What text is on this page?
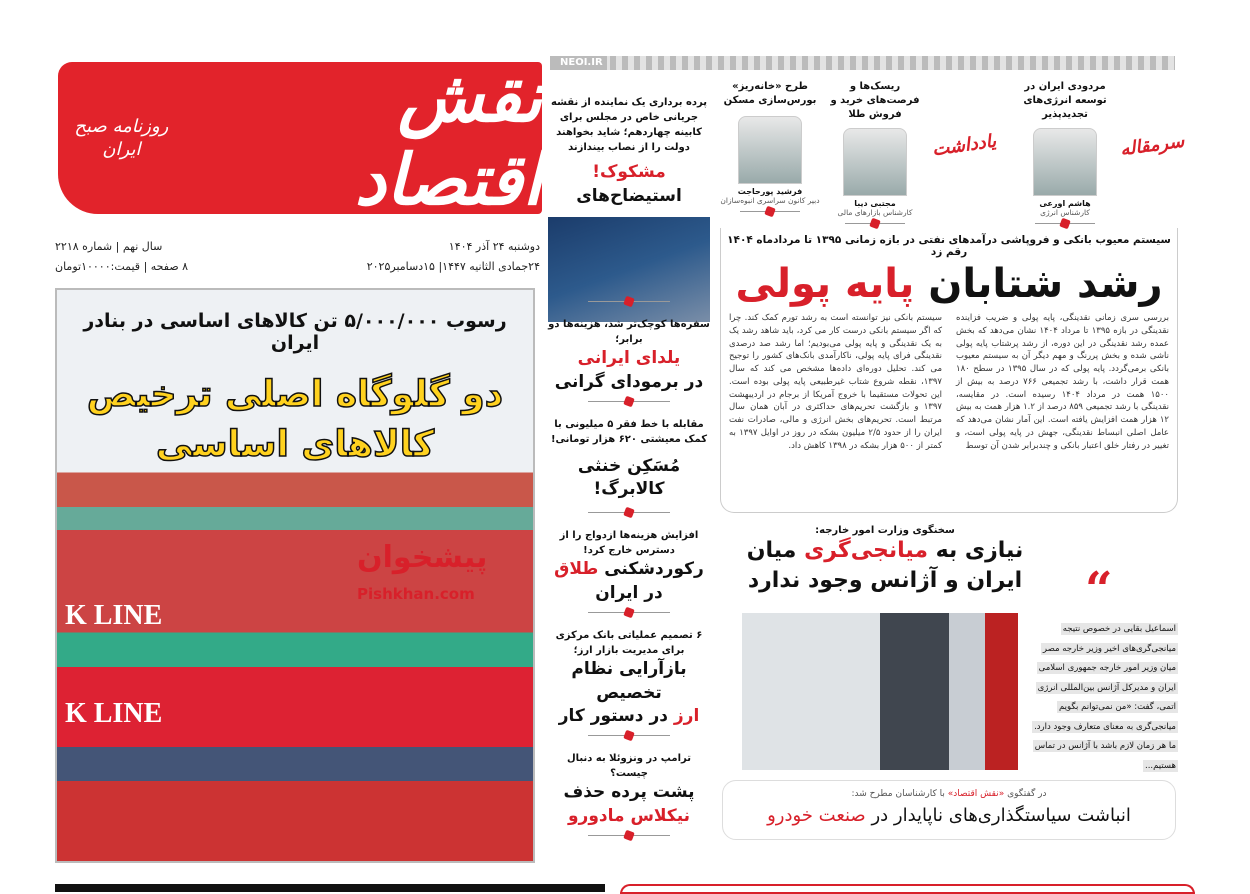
NEOI.IR
روزنامه صبح ایران
نقش اقتصاد
دوشنبه ۲۴ آذر ۱۴۰۴
۲۴جمادی الثانیه ۱۴۴۷| ۱۵دسامبر۲۰۲۵
سال نهم | شماره ۲۲۱۸
۸ صفحه | قیمت:۱۰۰۰۰تومان
رسوب ۵/۰۰۰/۰۰۰ تن کالاهای اساسی در بنادر ایران
دو گلوگاه اصلی ترخیص کالاهای اساسی
K LINE
K LINE
پیشخوان
Pishkhan.com
پرده برداری یک نماینده از نقشه جریانی خاص در مجلس برای کابینه چهاردهم؛ شاید بخواهند دولت را از نصاب بیندازند
مشکوک! استیضاح‌های
سفره‌ها کوچک‌تر شد، هزینه‌ها دو برابر؛
یلدای ایرانی
در برمودای گرانی
مقابله با خط فقر ۵ میلیونی با کمک معیشتی ۶۲۰ هزار تومانی!
مُسَکِن خنثی کالابرگ!
افزایش هزینه‌ها ازدواج را از دسترس خارج کرد!
رکوردشکنی طلاق
در ایران
۶ تصمیم عملیاتی بانک مرکزی برای مدیریت بازار ارز؛
بازآرایی نظام تخصیص
ارز در دستور کار
ترامپ در ونزوئلا به دنبال چیست؟
پشت پرده حذف
نیکلاس مادورو
سرمقاله
یادداشت
مردودی ایران در توسعه انرژی‌های تجدیدپذیر
هاشم اورعی
کارشناس انرژی
ریسک‌ها و فرصت‌های خرید و فروش طلا
مجتبی دیبا
کارشناس بازارهای مالی
طرح «خانه‌ریز» بورس‌سازی مسکن
فرشید پورحاجت
دبیر کانون سراسری انبوه‌سازان
سیستم معیوب بانکی و فروپاشی درآمدهای نفتی در بازه زمانی ۱۳۹۵ تا مردادماه ۱۴۰۴ رقم زد
رشد شتابان پایه پولی
بررسی سری زمانی نقدینگی، پایه پولی و ضریب فزاینده نقدینگی در بازه ۱۳۹۵ تا مرداد ۱۴۰۴ نشان می‌دهد که بخش عمده رشد نقدینگی در این دوره، از رشد پرشتاب پایه پولی ناشی شده و بخش پررنگ و مهم دیگر آن به سیستم معیوب بانکی برمی‌گردد. پایه پولی که در سال ۱۳۹۵ در سطح ۱۸۰ همت قرار داشت، با رشد تجمیعی ۷۶۶ درصد به بیش از ۱۵۰۰ همت در مرداد ۱۴۰۴ رسیده است. در مقایسه، نقدینگی با رشد تجمیعی ۸۵۹ درصد از ۱.۲ هزار همت به بیش ۱۲ هزار همت افزایش یافته است. این آمار نشان می‌دهد که عامل اصلی انبساط نقدینگی، جهش در پایه پولی است، و تغییر در رفتار خلق اعتبار بانکی و چندبرابر شدن آن توسط
سیستم بانکی نیز توانسته است به رشد تورم کمک کند. چرا که اگر سیستم بانکی درست کار می کرد، باید شاهد رشد یک به یک نقدینگی و پایه پولی می‌بودیم؛ اما رشد صد درصدی نقدینگی فرای پایه پولی، ناکارآمدی بانک‌های کشور را توجیح می کند. تحلیل دوره‌ای داده‌ها مشخص می کند که سال ۱۳۹۷، نقطه شروع شتاب غیرطبیعی پایه پولی بوده است. این تحولات مستقیما با خروج آمریکا از برجام در اردیبهشت ۱۳۹۷ و بازگشت تحریم‌های حداکثری در آبان همان سال مرتبط است. تحریم‌های بخش انرژی و مالی، صادرات نفت ایران را از حدود ۲/۵ میلیون بشکه در روز در اوایل ۱۳۹۷ به کمتر از ۵۰۰ هزار بشکه در ۱۳۹۸ کاهش داد.
سخنگوی وزارت امور خارجه:
نیازی به میانجی‌گری میان
ایران و آژانس وجود ندارد “
اسماعیل بقایی در خصوص نتیجه
میانجی‌گری‌های اخیر وزیر خارجه مصر
میان وزیر امور خارجه جمهوری اسلامی
ایران و مدیرکل آژانس بین‌المللی انرژی
اتمی، گفت: «من نمی‌توانم بگویم
میانجی‌گری به معنای متعارف وجود دارد.
ما هر زمان لازم باشد با آژانس در تماس
هستیم...
در گفتگوی «نقش اقتصاد» با کارشناسان مطرح شد:
انباشت سیاستگذاری‌های ناپایدار در صنعت خودرو
